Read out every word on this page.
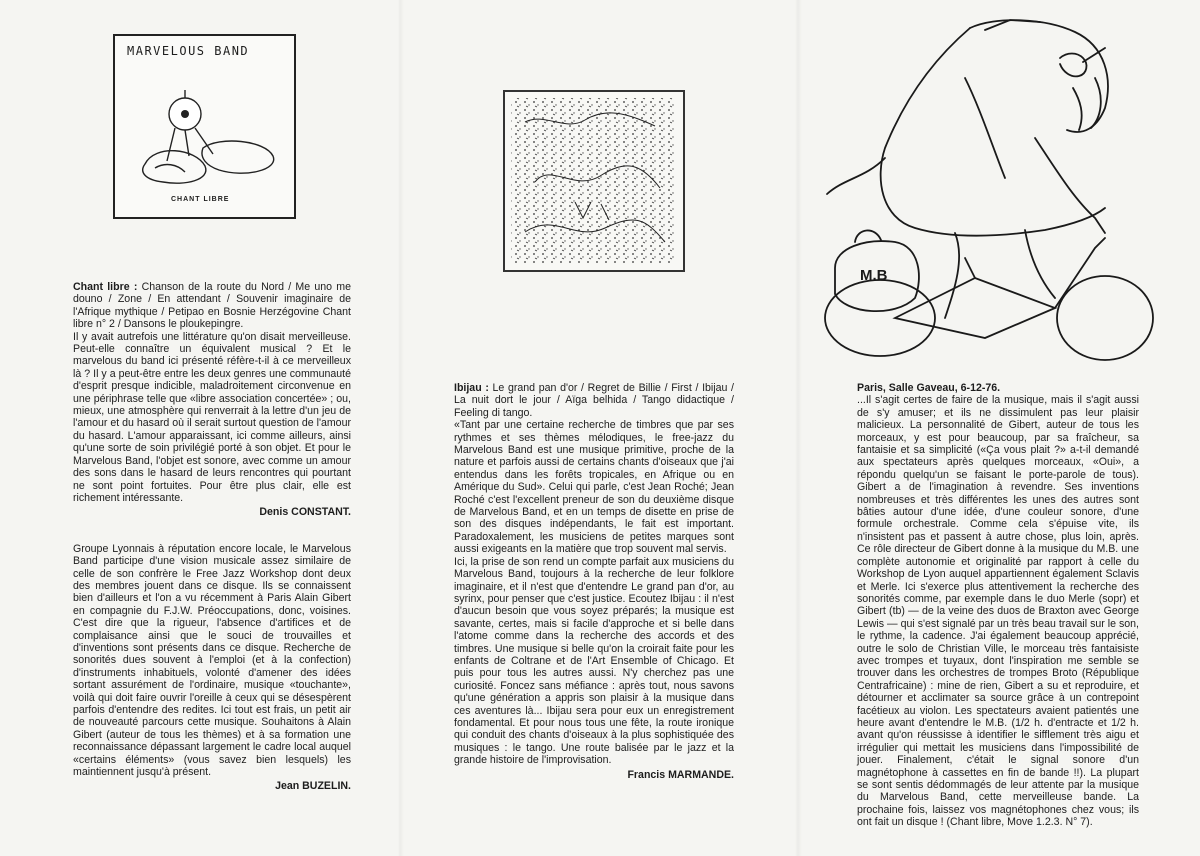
MARVELOUS ВАND
CHANT LIBRE
M.B

Chant libre : Chanson de la route du Nord / Me uno me douno / Zone / En attendant / Souvenir imaginaire de l'Afrique mythique / Petipao en Bosnie Herzégovine Chant libre n° 2 / Dansons le ploukepingre.

Il y avait autrefois une littérature qu'on disait merveilleuse. Peut-elle connaître un équivalent musical ? Et le marvelous du band ici présenté réfère-t-il à ce merveilleux là ? Il y a peut-être entre les deux genres une communauté d'esprit presque indicible, maladroitement circonvenue en une périphrase telle que «libre association concertée» ; ou, mieux, une atmosphère qui renverrait à la lettre d'un jeu de l'amour et du hasard où il serait surtout question de l'amour du hasard. L'amour apparaissant, ici comme ailleurs, ainsi qu'une sorte de soin privilégié porté à son objet. Et pour le Marvelous Band, l'objet est sonore, avec comme un amour des sons dans le hasard de leurs rencontres qui pourtant ne sont point fortuites. Pour être plus clair, elle est richement intéressante.

Denis CONSTANT.

Groupe Lyonnais à réputation encore locale, le Marvelous Band participe d'une vision musicale assez similaire de celle de son confrère le Free Jazz Workshop dont deux des membres jouent dans ce disque. Ils se connaissent bien d'ailleurs et l'on a vu récemment à Paris Alain Gibert en compagnie du F.J.W. Préoccupations, donc, voisines. C'est dire que la rigueur, l'absence d'artifices et de complaisance ainsi que le souci de trouvailles et d'inventions sont présents dans ce disque. Recherche de sonorités dues souvent à l'emploi (et à la confection) d'instruments inhabituels, volonté d'amener des idées sortant assurément de l'ordinaire, musique «touchante», voilà qui doit faire ouvrir l'oreille à ceux qui se désespèrent parfois d'entendre des redites. Ici tout est frais, un petit air de nouveauté parcours cette musique. Souhaitons à Alain Gibert (auteur de tous les thèmes) et à sa formation une reconnaissance dépassant largement le cadre local auquel «certains éléments» (vous savez bien lesquels) les maintiennent jusqu'à présent.

Jean BUZELIN.

Ibijau : Le grand pan d'or / Regret de Billie / First / Ibijau / La nuit dort le jour / Aïga belhida / Tango didactique / Feeling di tango.

«Tant par une certaine recherche de timbres que par ses rythmes et ses thèmes mélodiques, le free-jazz du Marvelous Band est une musique primitive, proche de la nature et parfois aussi de certains chants d'oiseaux que j'ai entendus dans les forêts tropicales, en Afrique ou en Amérique du Sud». Celui qui parle, c'est Jean Roché; Jean Roché c'est l'excellent preneur de son du deuxième disque de Marvelous Band, et en un temps de disette en prise de son des disques indépendants, le fait est important. Paradoxalement, les musiciens de petites marques sont aussi exigeants en la matière que trop souvent mal servis.

Ici, la prise de son rend un compte parfait aux musiciens du Marvelous Band, toujours à la recherche de leur folklore imaginaire, et il n'est que d'entendre Le grand pan d'or, au syrinx, pour penser que c'est justice. Ecoutez Ibijau : il n'est d'aucun besoin que vous soyez préparés; la musique est savante, certes, mais si facile d'approche et si belle dans l'atome comme dans la recherche des accords et des timbres. Une musique si belle qu'on la croirait faite pour les enfants de Coltrane et de l'Art Ensemble of Chicago. Et puis pour tous les autres aussi. N'y cherchez pas une curiosité. Foncez sans méfiance : après tout, nous savons qu'une génération a appris son plaisir à la musique dans ces aventures là... Ibijau sera pour eux un enregistrement fondamental. Et pour nous tous une fête, la route ironique qui conduit des chants d'oiseaux à la plus sophistiquée des musiques : le tango. Une route balisée par le jazz et la grande histoire de l'improvisation.

Francis MARMANDE.

Paris, Salle Gaveau, 6-12-76.

...Il s'agit certes de faire de la musique, mais il s'agit aussi de s'y amuser; et ils ne dissimulent pas leur plaisir malicieux. La personnalité de Gibert, auteur de tous les morceaux, y est pour beaucoup, par sa fraîcheur, sa fantaisie et sa simplicité («Ça vous plait ?» a-t-il demandé aux spectateurs après quelques morceaux, «Oui», a répondu quelqu'un se faisant le porte-parole de tous). Gibert a de l'imagination à revendre. Ses inventions nombreuses et très différentes les unes des autres sont bâties autour d'une idée, d'une couleur sonore, d'une formule orchestrale. Comme cela s'épuise vite, ils n'insistent pas et passent à autre chose, plus loin, après. Ce rôle directeur de Gibert donne à la musique du M.B. une complète autonomie et originalité par rapport à celle du Workshop de Lyon auquel appartiennent également Sclavis et Merle. Ici s'exerce plus attentivement la recherche des sonorités comme, par exemple dans le duo Merle (sopr) et Gibert (tb) — de la veine des duos de Braxton avec George Lewis — qui s'est signalé par un très beau travail sur le son, le rythme, la cadence. J'ai également beaucoup apprécié, outre le solo de Christian Ville, le morceau très fantaisiste avec trompes et tuyaux, dont l'inspiration me semble se trouver dans les orchestres de trompes Broto (République Centrafricaine) : mine de rien, Gibert a su et reproduire, et détourner et acclimater sa source grâce à un contrepoint facétieux au violon. Les spectateurs avaient patientés une heure avant d'entendre le M.B. (1/2 h. d'entracte et 1/2 h. avant qu'on réussisse à identifier le sifflement très aigu et irrégulier qui mettait les musiciens dans l'impossibilité de jouer. Finalement, c'était le signal sonore d'un magnétophone à cassettes en fin de bande !!). La plupart se sont sentis dédommagés de leur attente par la musique du Marvelous Band, cette merveilleuse bande. La prochaine fois, laissez vos magnétophones chez vous; ils ont fait un disque ! (Chant libre, Move 1.2.3. N° 7).
